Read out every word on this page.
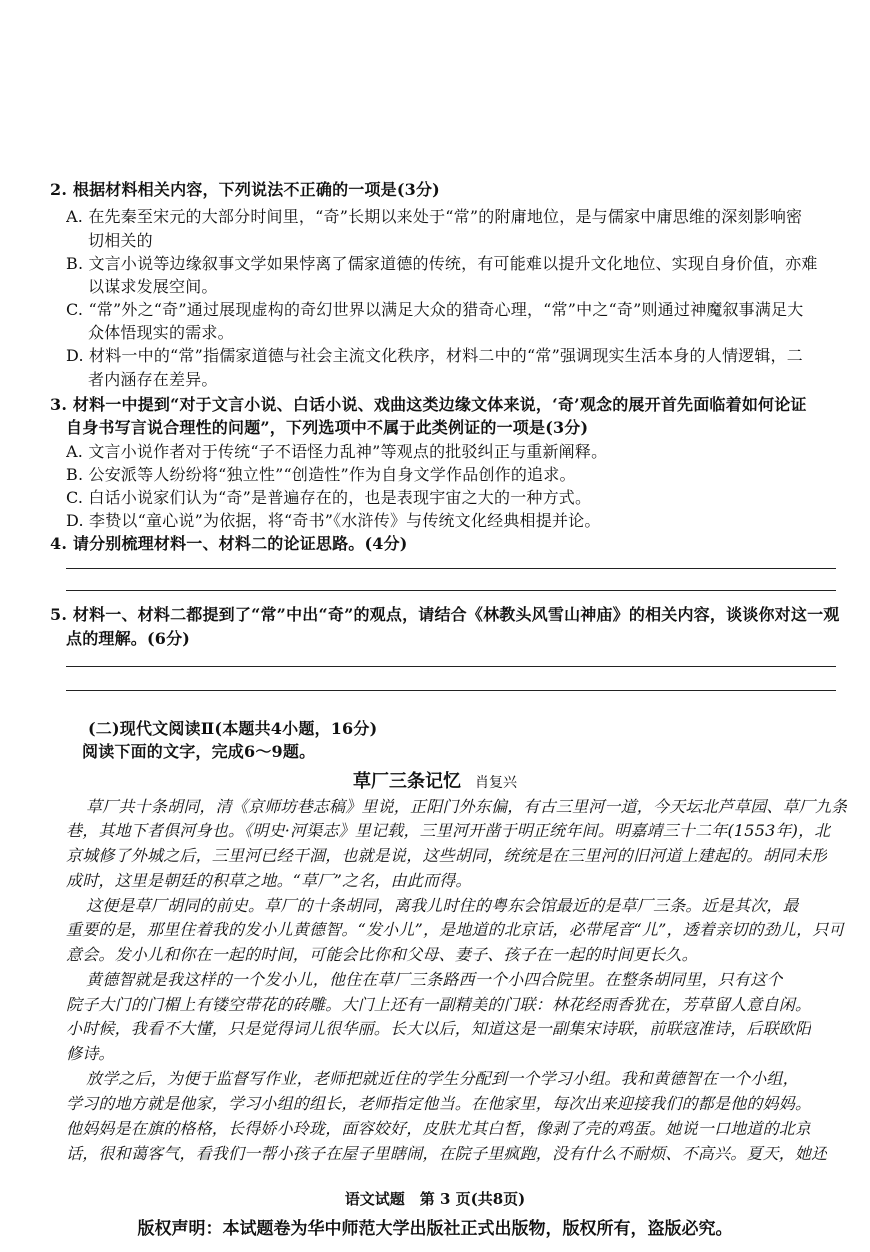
2. 根据材料相关内容，下列说法不正确的一项是(3分)
A. 在先秦至宋元的大部分时间里，“奇”长期以来处于“常”的附庸地位，是与儒家中庸思维的深刻影响密
切相关的
B. 文言小说等边缘叙事文学如果悖离了儒家道德的传统，有可能难以提升文化地位、实现自身价值，亦难
以谋求发展空间。
C. “常”外之“奇”通过展现虚构的奇幻世界以满足大众的猎奇心理，“常”中之“奇”则通过神魔叙事满足大
众体悟现实的需求。
D. 材料一中的“常”指儒家道德与社会主流文化秩序，材料二中的“常”强调现实生活本身的人情逻辑，二
者内涵存在差异。
3. 材料一中提到“对于文言小说、白话小说、戏曲这类边缘文体来说，‘奇’观念的展开首先面临着如何论证
自身书写言说合理性的问题”，下列选项中不属于此类例证的一项是(3分)
A. 文言小说作者对于传统“子不语怪力乱神”等观点的批驳纠正与重新阐释。
B. 公安派等人纷纷将“独立性”“创造性”作为自身文学作品创作的追求。
C. 白话小说家们认为“奇”是普遍存在的，也是表现宇宙之大的一种方式。
D. 李贽以“童心说”为依据，将“奇书”《水浒传》与传统文化经典相提并论。
4. 请分别梳理材料一、材料二的论证思路。(4分)
5. 材料一、材料二都提到了“常”中出“奇”的观点，请结合《林教头风雪山神庙》的相关内容，谈谈你对这一观
点的理解。(6分)
(二)现代文阅读Ⅱ(本题共4小题，16分)
阅读下面的文字，完成6～9题。
草厂三条记忆 肖复兴
草厂共十条胡同，清《京师坊巷志稿》里说，正阳门外东偏，有古三里河一道，今天坛北芦草园、草厂九条
巷，其地下者俱河身也。《明史·河渠志》里记载，三里河开凿于明正统年间。明嘉靖三十二年(1553年)，北
京城修了外城之后，三里河已经干涸，也就是说，这些胡同，统统是在三里河的旧河道上建起的。胡同未形
成时，这里是朝廷的积草之地。“草厂”之名，由此而得。
这便是草厂胡同的前史。草厂的十条胡同，离我儿时住的粤东会馆最近的是草厂三条。近是其次，最
重要的是，那里住着我的发小儿黄德智。“发小儿”，是地道的北京话，必带尾音“儿”，透着亲切的劲儿，只可
意会。发小儿和你在一起的时间，可能会比你和父母、妻子、孩子在一起的时间更长久。
黄德智就是我这样的一个发小儿，他住在草厂三条路西一个小四合院里。在整条胡同里，只有这个
院子大门的门楣上有镂空带花的砖雕。大门上还有一副精美的门联：林花经雨香犹在，芳草留人意自闲。
小时候，我看不大懂，只是觉得词儿很华丽。长大以后，知道这是一副集宋诗联，前联寇准诗，后联欧阳
修诗。
放学之后，为便于监督写作业，老师把就近住的学生分配到一个学习小组。我和黄德智在一个小组，
学习的地方就是他家，学习小组的组长，老师指定他当。在他家里，每次出来迎接我们的都是他的妈妈。
他妈妈是在旗的格格，长得娇小玲珑，面容姣好，皮肤尤其白皙，像剥了壳的鸡蛋。她说一口地道的北京
话，很和蔼客气，看我们一帮小孩子在屋子里瞎闹，在院子里疯跑，没有什么不耐烦、不高兴。夏天，她还
语文试题　第 3 页(共8页)
版权声明：本试题卷为华中师范大学出版社正式出版物，版权所有，盗版必究。
